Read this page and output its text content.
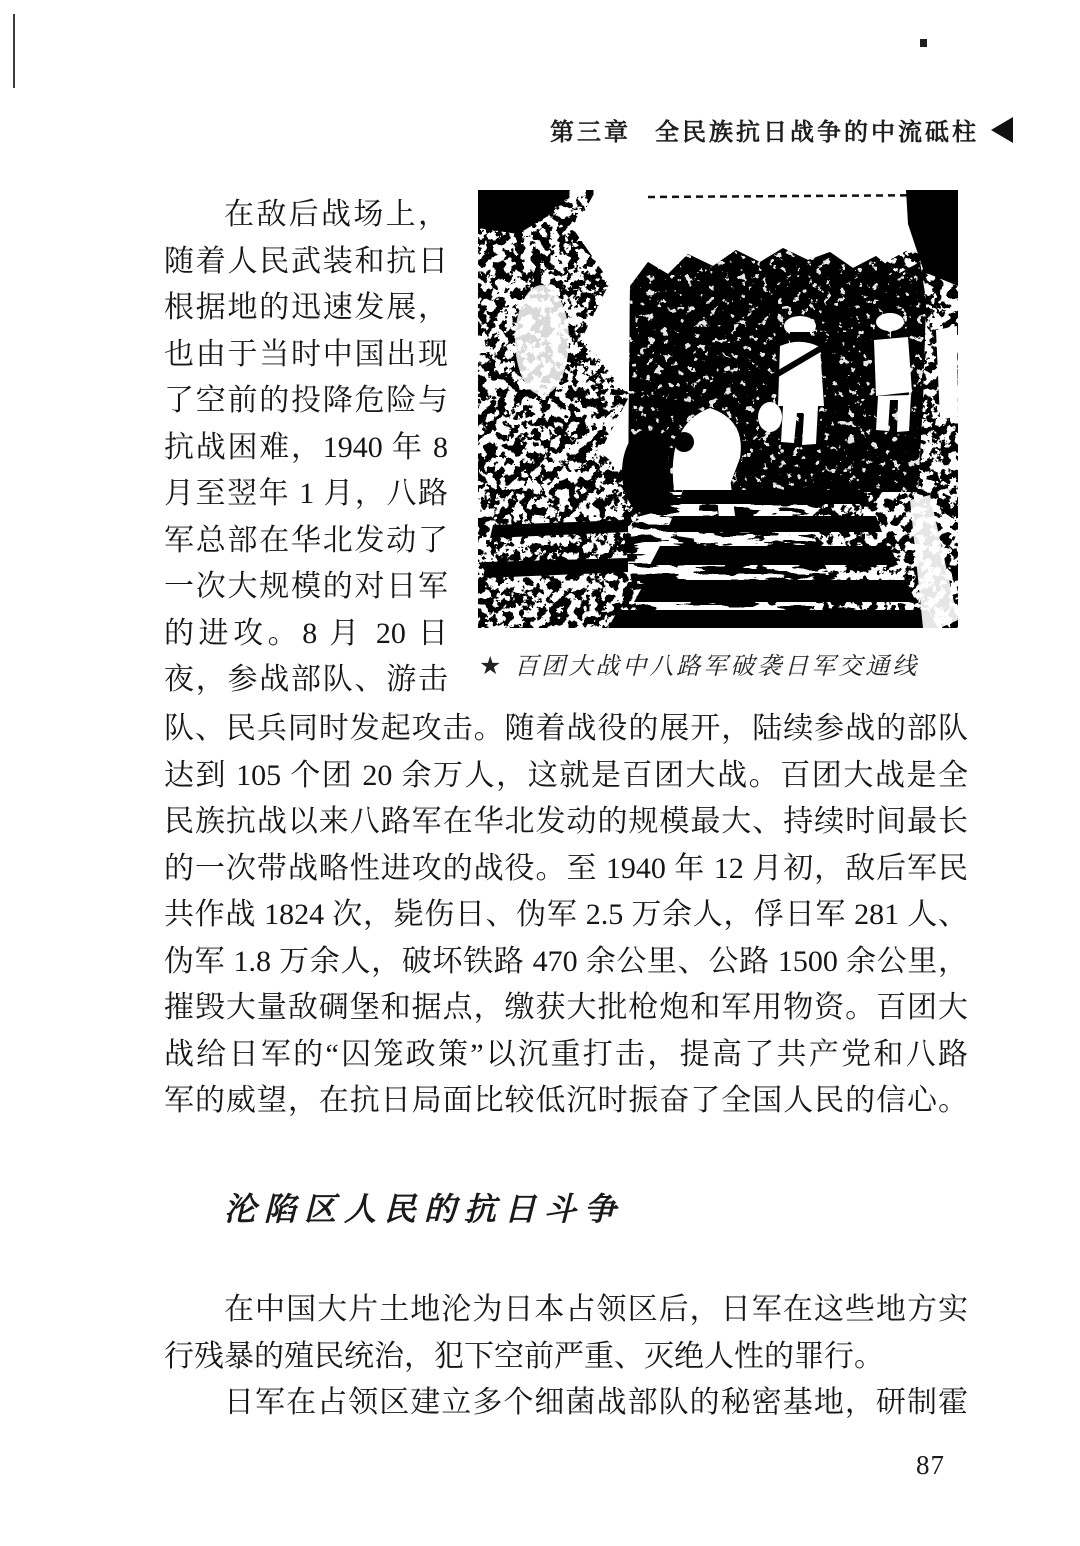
第三章 全民族抗日战争的中流砥柱
★ 百团大战中八路军破袭日军交通线
在敌后战场上，
随着人民武装和抗日
根据地的迅速发展，
也由于当时中国出现
了空前的投降危险与
抗战困难，1940 年 8
月至翌年 1 月，八路
军总部在华北发动了
一次大规模的对日军
的进攻。8 月 20 日
夜，参战部队、游击
队、民兵同时发起攻击。随着战役的展开，陆续参战的部队
达到 105 个团 20 余万人，这就是百团大战。百团大战是全
民族抗战以来八路军在华北发动的规模最大、持续时间最长
的一次带战略性进攻的战役。至 1940 年 12 月初，敌后军民
共作战 1824 次，毙伤日、伪军 2.5 万余人，俘日军 281 人、
伪军 1.8 万余人，破坏铁路 470 余公里、公路 1500 余公里，
摧毁大量敌碉堡和据点，缴获大批枪炮和军用物资。百团大
战给日军的“囚笼政策”以沉重打击，提高了共产党和八路
军的威望，在抗日局面比较低沉时振奋了全国人民的信心。
沦陷区人民的抗日斗争
在中国大片土地沦为日本占领区后，日军在这些地方实
行残暴的殖民统治，犯下空前严重、灭绝人性的罪行。
日军在占领区建立多个细菌战部队的秘密基地，研制霍
87
